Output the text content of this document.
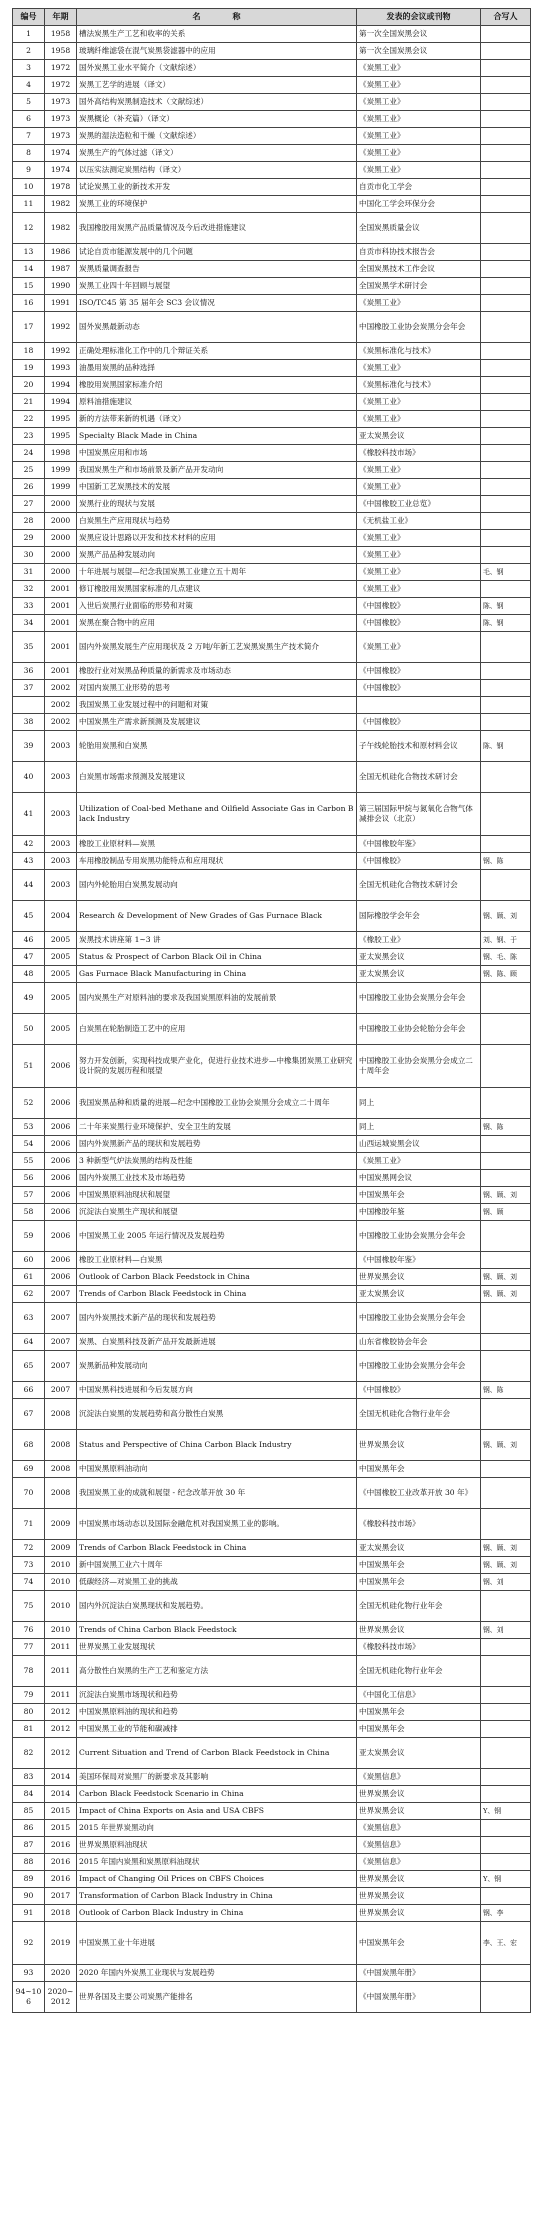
编号	年期	名　　　　称	发表的会议或刊物	合写人
1	1958	槽法炭黑生产工艺和收率的关系	第一次全国炭黑会议	
2	1958	玻璃纤维滤袋在混气炭黑袋滤器中的应用	第一次全国炭黑会议	
3	1972	国外炭黑工业水平简介（文献综述）	《炭黑工业》	
4	1972	炭黑工艺学的进展（译文）	《炭黑工业》	
5	1973	国外高结构炭黑制造技术（文献综述）	《炭黑工业》	
6	1973	炭黑概论（补充篇）（译文）	《炭黑工业》	
7	1973	炭黑的湿法造粒和干燥（文献综述）	《炭黑工业》	
8	1974	炭黑生产的气体过滤（译文）	《炭黑工业》	
9	1974	以压实法测定炭黑结构（译文）	《炭黑工业》	
10	1978	试论炭黑工业的新技术开发	自贡市化工学会	
11	1982	炭黑工业的环境保护	中国化工学会环保分会	
12	1982	我国橡胶用炭黑产品质量情况及今后改进措施建议	全国炭黑质量会议	
13	1986	试论自贡市能源发展中的几个问题	自贡市科协技术报告会	
14	1987	炭黑质量调查报告	全国炭黑技术工作会议	
15	1990	炭黑工业四十年回顾与展望	全国炭黑学术研讨会	
16	1991	ISO/TC45 第 35 届年会 SC3 会议情况	《炭黑工业》	
17	1992	国外炭黑最新动态	中国橡胶工业协会炭黑分会年会	
18	1992	正确处理标准化工作中的几个辩证关系	《炭黑标准化与技术》	
19	1993	油墨用炭黑的品种选择	《炭黑工业》	
20	1994	橡胶用炭黑国家标准介绍	《炭黑标准化与技术》	
21	1994	原料油措施建议	《炭黑工业》	
22	1995	新的方法带来新的机遇（译文）	《炭黑工业》	
23	1995	Specialty Black Made in China	亚太炭黑会议	
24	1998	中国炭黑应用和市场	《橡胶科技市场》	
25	1999	我国炭黑生产和市场前景及新产品开发动向	《炭黑工业》	
26	1999	中国新工艺炭黑技术的发展	《炭黑工业》	
27	2000	炭黑行业的现状与发展	《中国橡胶工业总览》	
28	2000	白炭黑生产应用现状与趋势	《无机盐工业》	
29	2000	炭黑应设计思路以开发和技术材料的应用	《炭黑工业》	
30	2000	炭黑产品品种发展动向	《炭黑工业》	
31	2000	十年进展与展望—纪念我国炭黑工业建立五十周年	《炭黑工业》	毛、钢
32	2001	修订橡胶用炭黑国家标准的几点建议	《炭黑工业》	
33	2001	入世后炭黑行业面临的形势和对策	《中国橡胶》	陈、钢
34	2001	炭黑在聚合物中的应用	《中国橡胶》	陈、钢
35	2001	国内外炭黑发展生产应用现状及 2 万吨/年新工艺炭黑炭黑生产技术简介	《炭黑工业》	
36	2001	橡胶行业对炭黑品种质量的新需求及市场动态	《中国橡胶》	
37	2002	对国内炭黑工业形势的思考	《中国橡胶》	
	2002	我国炭黑工业发展过程中的问题和对策		
38	2002	中国炭黑生产需求新预测及发展建议	《中国橡胶》	
39	2003	轮胎用炭黑和白炭黑	子午线轮胎技术和原材料会议	陈、钢
40	2003	白炭黑市场需求预测及发展建议	全国无机硅化合物技术研讨会	
41	2003	Utilization of Coal-bed Methane and Oilfield Associate Gas in Carbon Black Industry	第三届国际甲烷与氮氧化合物气体减排会议（北京）	
42	2003	橡胶工业原材料—炭黑	《中国橡胶年鉴》	
43	2003	车用橡胶制品专用炭黑功能特点和应用现状	《中国橡胶》	钢、陈
44	2003	国内外轮胎用白炭黑发展动向	全国无机硅化合物技术研讨会	
45	2004	Research & Development of New Grades of Gas Furnace Black	国际橡胶学会年会	钢、顾、刘
46	2005	炭黑技术讲座第 1~3 讲	《橡胶工业》	刘、钢、于
47	2005	Status & Prospect of Carbon Black Oil in China	亚太炭黑会议	钢、毛、陈
48	2005	Gas Furnace Black Manufacturing in China	亚太炭黑会议	钢、陈、顾
49	2005	国内炭黑生产对原料油的要求及我国炭黑原料油的发展前景	中国橡胶工业协会炭黑分会年会	
50	2005	白炭黑在轮胎制造工艺中的应用	中国橡胶工业协会轮胎分会年会	
51	2006	努力开发创新，实现科技成果产业化，促进行业技术进步—中橡集团炭黑工业研究设计院的发展历程和展望	中国橡胶工业协会炭黑分会成立二十周年会	
52	2006	我国炭黑品种和质量的进展—纪念中国橡胶工业协会炭黑分会成立二十周年	同上	
53	2006	二十年来炭黑行业环境保护、安全卫生的发展	同上	钢、陈
54	2006	国内外炭黑新产品的现状和发展趋势	山西运城炭黑会议	
55	2006	3 种新型气炉法炭黑的结构及性能	《炭黑工业》	
56	2006	国内外炭黑工业技术及市场趋势	中国炭黑网会议	
57	2006	中国炭黑原料油现状和展望	中国炭黑年会	钢、顾、刘
58	2006	沉淀法白炭黑生产现状和展望	中国橡胶年鉴	钢、顾
59	2006	中国炭黑工业 2005 年运行情况及发展趋势	中国橡胶工业协会炭黑分会年会	
60	2006	橡胶工业原材料—白炭黑	《中国橡胶年鉴》	
61	2006	Outlook of Carbon Black Feedstock in China	世界炭黑会议	钢、顾、刘
62	2007	Trends of Carbon Black Feedstock in China	亚太炭黑会议	钢、顾、刘
63	2007	国内外炭黑技术新产品的现状和发展趋势	中国橡胶工业协会炭黑分会年会	
64	2007	炭黑、白炭黑科技及新产品开发最新进展	山东省橡胶协会年会	
65	2007	炭黑新品种发展动向	中国橡胶工业协会炭黑分会年会	
66	2007	中国炭黑科技进展和今后发展方向	《中国橡胶》	钢、陈
67	2008	沉淀法白炭黑的发展趋势和高分散性白炭黑	全国无机硅化合物行业年会	
68	2008	Status and Perspective of China Carbon Black Industry	世界炭黑会议	钢、顾、刘
69	2008	中国炭黑原料油动向	中国炭黑年会	
70	2008	我国炭黑工业的成就和展望 - 纪念改革开放 30 年	《中国橡胶工业改革开放 30 年》	
71	2009	中国炭黑市场动态以及国际金融危机对我国炭黑工业的影响。	《橡胶科技市场》	
72	2009	Trends of Carbon Black Feedstock in China	亚太炭黑会议	钢、顾、刘
73	2010	新中国炭黑工业六十周年	中国炭黑年会	钢、顾、刘
74	2010	低碳经济—对炭黑工业的挑战	中国炭黑年会	钢、刘
75	2010	国内外沉淀法白炭黑现状和发展趋势。	全国无机硅化物行业年会	
76	2010	Trends of China Carbon Black Feedstock	世界炭黑会议	钢、刘
77	2011	世界炭黑工业发展现状	《橡胶科技市场》	
78	2011	高分散性白炭黑的生产工艺和鉴定方法	全国无机硅化物行业年会	
79	2011	沉淀法白炭黑市场现状和趋势	《中国化工信息》	
80	2012	中国炭黑原料油的现状和趋势	中国炭黑年会	
81	2012	中国炭黑工业的节能和碳减排	中国炭黑年会	
82	2012	Current Situation and Trend of Carbon Black Feedstock in China	亚太炭黑会议	
83	2014	美国环保局对炭黑厂的新要求及其影响	《炭黑信息》	
84	2014	Carbon Black Feedstock Scenario in China	世界炭黑会议	
85	2015	Impact of China Exports on Asia and USA CBFS	世界炭黑会议	Y、钢
86	2015	2015 年世界炭黑动向	《炭黑信息》	
87	2016	世界炭黑原料油现状	《炭黑信息》	
88	2016	2015 年国内炭黑和炭黑原料油现状	《炭黑信息》	
89	2016	Impact of Changing Oil Prices on CBFS Choices	世界炭黑会议	Y、钢
90	2017	Transformation of Carbon Black Industry in China	世界炭黑会议	
91	2018	Outlook of Carbon Black Industry in China	世界炭黑会议	钢、李
92	2019	中国炭黑工业十年进展	中国炭黑年会	李、王、宏
93	2020	2020 年国内外炭黑工业现状与发展趋势	《中国炭黑年册》	
94~106	2020~2012	世界各国及主要公司炭黑产能排名	《中国炭黑年册》	
